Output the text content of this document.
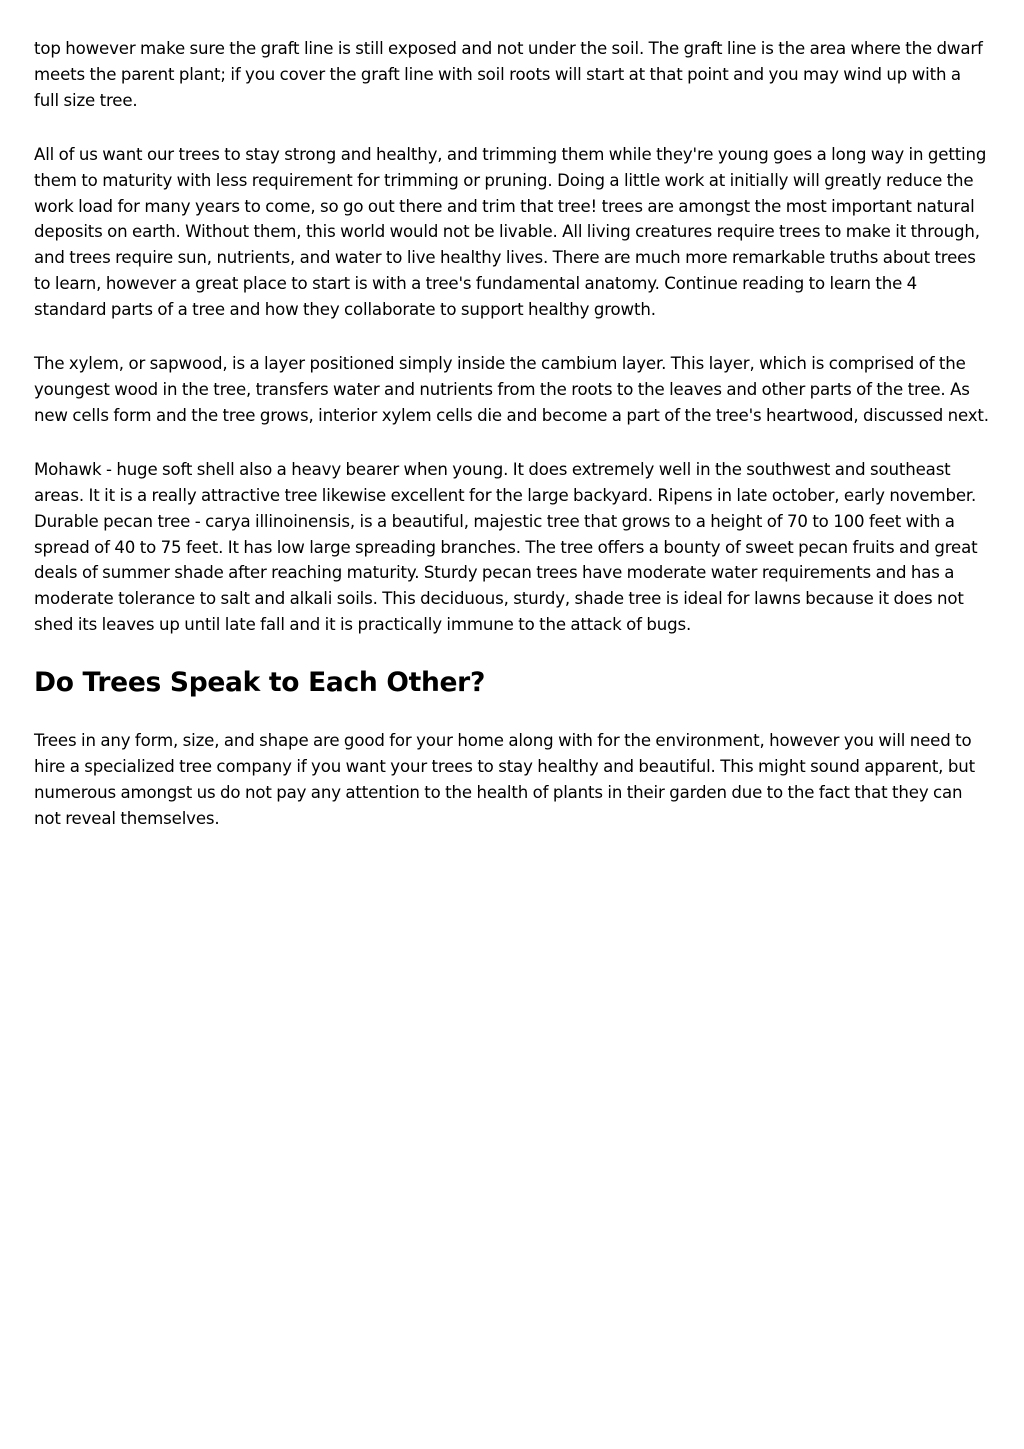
top however make sure the graft line is still exposed and not under the soil. The graft line is the area where the dwarf meets the parent plant; if you cover the graft line with soil roots will start at that point and you may wind up with a full size tree.

All of us want our trees to stay strong and healthy, and trimming them while they're young goes a long way in getting them to maturity with less requirement for trimming or pruning. Doing a little work at initially will greatly reduce the work load for many years to come, so go out there and trim that tree! trees are amongst the most important natural deposits on earth. Without them, this world would not be livable. All living creatures require trees to make it through, and trees require sun, nutrients, and water to live healthy lives. There are much more remarkable truths about trees to learn, however a great place to start is with a tree's fundamental anatomy. Continue reading to learn the 4 standard parts of a tree and how they collaborate to support healthy growth.

The xylem, or sapwood, is a layer positioned simply inside the cambium layer. This layer, which is comprised of the youngest wood in the tree, transfers water and nutrients from the roots to the leaves and other parts of the tree. As new cells form and the tree grows, interior xylem cells die and become a part of the tree's heartwood, discussed next.

Mohawk - huge soft shell also a heavy bearer when young. It does extremely well in the southwest and southeast areas. It it is a really attractive tree likewise excellent for the large backyard. Ripens in late october, early november. Durable pecan tree - carya illinoinensis, is a beautiful, majestic tree that grows to a height of 70 to 100 feet with a spread of 40 to 75 feet. It has low large spreading branches. The tree offers a bounty of sweet pecan fruits and great deals of summer shade after reaching maturity. Sturdy pecan trees have moderate water requirements and has a moderate tolerance to salt and alkali soils. This deciduous, sturdy, shade tree is ideal for lawns because it does not shed its leaves up until late fall and it is practically immune to the attack of bugs.

Do Trees Speak to Each Other?

Trees in any form, size, and shape are good for your home along with for the environment, however you will need to hire a specialized tree company if you want your trees to stay healthy and beautiful. This might sound apparent, but numerous amongst us do not pay any attention to the health of plants in their garden due to the fact that they can not reveal themselves.
